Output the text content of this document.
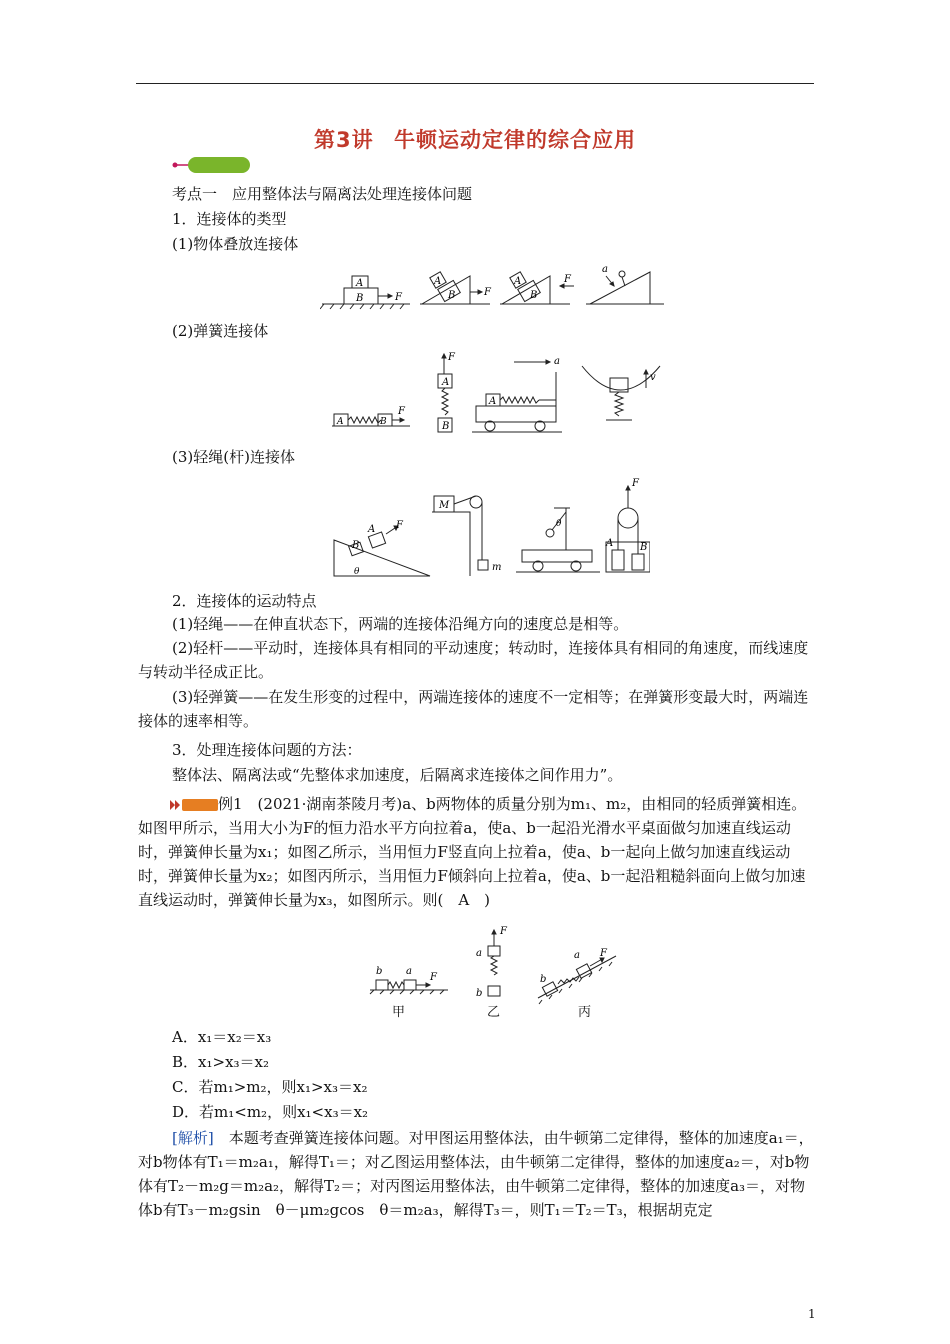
第3讲 牛顿运动定律的综合应用
考点一　应用整体法与隔离法处理连接体问题
1．连接体的类型
(1)物体叠放连接体
A
B	F
A
B	F
A
B
F
a
(2)弹簧连接体
A	B
F
F
A
B
A
a
v
(3)轻绳(杆)连接体
B
A F
θ
M
m
θ
A	B
F
2．连接体的运动特点
(1)轻绳——在伸直状态下，两端的连接体沿绳方向的速度总是相等。
(2)轻杆——平动时，连接体具有相同的平动速度；转动时，连接体具有相同的角速度，而线速度与转动半径成正比。
(3)轻弹簧——在发生形变的过程中，两端连接体的速度不一定相等；在弹簧形变最大时，两端连接体的速率相等。
3．处理连接体问题的方法：
整体法、隔离法或“先整体求加速度，后隔离求连接体之间作用力”。
例1　(2021·湖南茶陵月考)a、b两物体的质量分别为m₁、m₂，由相同的轻质弹簧相连。如图甲所示，当用大小为F的恒力沿水平方向拉着a，使a、b一起沿光滑水平桌面做匀加速直线运动时，弹簧伸长量为x₁；如图乙所示，当用恒力F竖直向上拉着a，使a、b一起向上做匀加速直线运动时，弹簧伸长量为x₂；如图丙所示，当用恒力F倾斜向上拉着a，使a、b一起沿粗糙斜面向上做匀加速直线运动时，弹簧伸长量为x₃，如图所示。则(　A　)
b a
F
F
a
b
b
a F
甲	乙	丙
A．x₁＝x₂＝x₃
B．x₁>x₃＝x₂
C．若m₁>m₂，则x₁>x₃＝x₂
D．若m₁<m₂，则x₁<x₃＝x₂
[解析]　本题考查弹簧连接体问题。对甲图运用整体法，由牛顿第二定律得，整体的加速度a₁＝，对b物体有T₁＝m₂a₁，解得T₁＝；对乙图运用整体法，由牛顿第二定律得，整体的加速度a₂＝，对b物体有T₂－m₂g＝m₂a₂，解得T₂＝；对丙图运用整体法，由牛顿第二定律得，整体的加速度a₃＝，对物体b有T₃－m₂gsin　θ－μm₂gcos　θ＝m₂a₃，解得T₃＝，则T₁＝T₂＝T₃，根据胡克定
1
